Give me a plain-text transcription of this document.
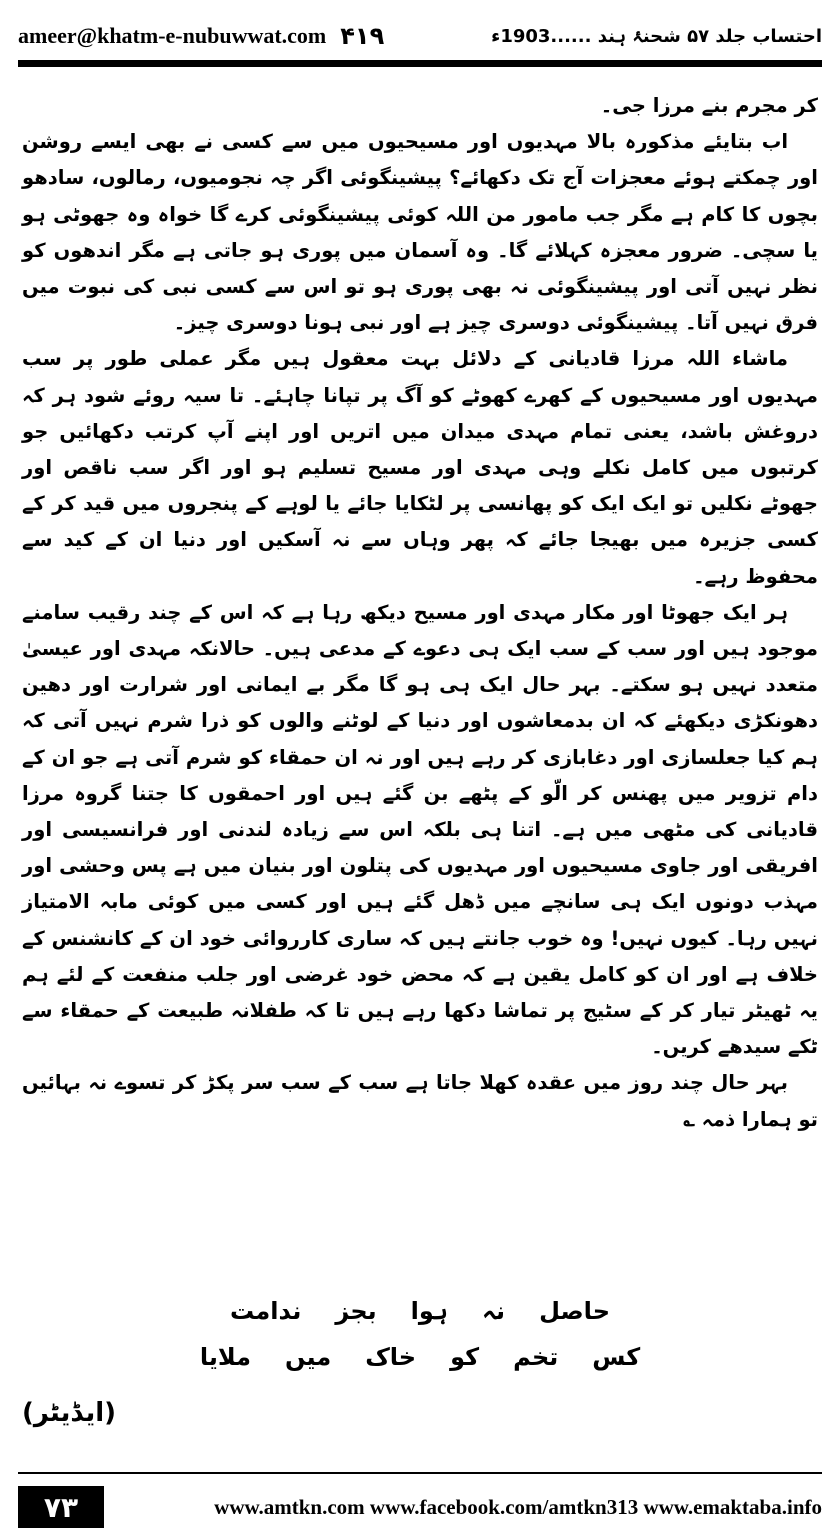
ameer@khatm-e-nubuwwat.com ۴۱۹	احتساب جلد ۵۷ شحنۂ ہند ......1903ء

کر مجرم بنے مرزا جی۔

اب بتایئے مذکورہ بالا مہدیوں اور مسیحیوں میں سے کسی نے بھی ایسے روشن اور چمکتے ہوئے معجزات آج تک دکھائے؟ پیشینگوئی اگر چہ نجومیوں، رمالوں، سادھو بچوں کا کام ہے مگر جب مامور من اللہ کوئی پیشینگوئی کرے گا خواہ وہ جھوٹی ہو یا سچی۔ ضرور معجزہ کہلائے گا۔ وہ آسمان میں پوری ہو جاتی ہے مگر اندھوں کو نظر نہیں آتی اور پیشینگوئی نہ بھی پوری ہو تو اس سے کسی نبی کی نبوت میں فرق نہیں آتا۔ پیشینگوئی دوسری چیز ہے اور نبی ہونا دوسری چیز۔

ماشاء اللہ مرزا قادیانی کے دلائل بہت معقول ہیں مگر عملی طور پر سب مہدیوں اور مسیحیوں کے کھرے کھوٹے کو آگ پر تپانا چاہئے۔ تا سیہ روئے شود ہر کہ دروغش باشد، یعنی تمام مہدی میدان میں اتریں اور اپنے آپ کرتب دکھائیں جو کرتبوں میں کامل نکلے وہی مہدی اور مسیح تسلیم ہو اور اگر سب ناقص اور جھوٹے نکلیں تو ایک ایک کو پھانسی پر لٹکایا جائے یا لوہے کے پنجروں میں قید کر کے کسی جزیرہ میں بھیجا جائے کہ پھر وہاں سے نہ آسکیں اور دنیا ان کے کید سے محفوظ رہے۔

ہر ایک جھوٹا اور مکار مہدی اور مسیح دیکھ رہا ہے کہ اس کے چند رقیب سامنے موجود ہیں اور سب کے سب ایک ہی دعوے کے مدعی ہیں۔ حالانکہ مہدی اور عیسیٰ متعدد نہیں ہو سکتے۔ بہر حال ایک ہی ہو گا مگر بے ایمانی اور شرارت اور دھین دھونکڑی دیکھئے کہ ان بدمعاشوں اور دنیا کے لوٹنے والوں کو ذرا شرم نہیں آتی کہ ہم کیا جعلسازی اور دغابازی کر رہے ہیں اور نہ ان حمقاء کو شرم آتی ہے جو ان کے دام تزویر میں پھنس کر الّو کے پٹھے بن گئے ہیں اور احمقوں کا جتنا گروہ مرزا قادیانی کی مٹھی میں ہے۔ اتنا ہی بلکہ اس سے زیادہ لندنی اور فرانسیسی اور افریقی اور جاوی مسیحیوں اور مہدیوں کی پتلون اور بنیان میں ہے پس وحشی اور مہذب دونوں ایک ہی سانچے میں ڈھل گئے ہیں اور کسی میں کوئی مابہ الامتیاز نہیں رہا۔ کیوں نہیں! وہ خوب جانتے ہیں کہ ساری کارروائی خود ان کے کانشنس کے خلاف ہے اور ان کو کامل یقین ہے کہ محض خود غرضی اور جلب منفعت کے لئے ہم یہ ٹھیٹر تیار کر کے سٹیج پر تماشا دکھا رہے ہیں تا کہ طفلانہ طبیعت کے حمقاء سے ٹکے سیدھے کریں۔

بہر حال چند روز میں عقدہ کھلا جاتا ہے سب کے سب سر پکڑ کر تسوے نہ بہائیں تو ہمارا ذمہ ؎

حاصل
نہ
ہوا
بجز
ندامت
کس
تخم
کو
خاک
میں
ملایا
(ایڈیٹر)
۷۳	www.amtkn.com www.facebook.com/amtkn313 www.emaktaba.info
